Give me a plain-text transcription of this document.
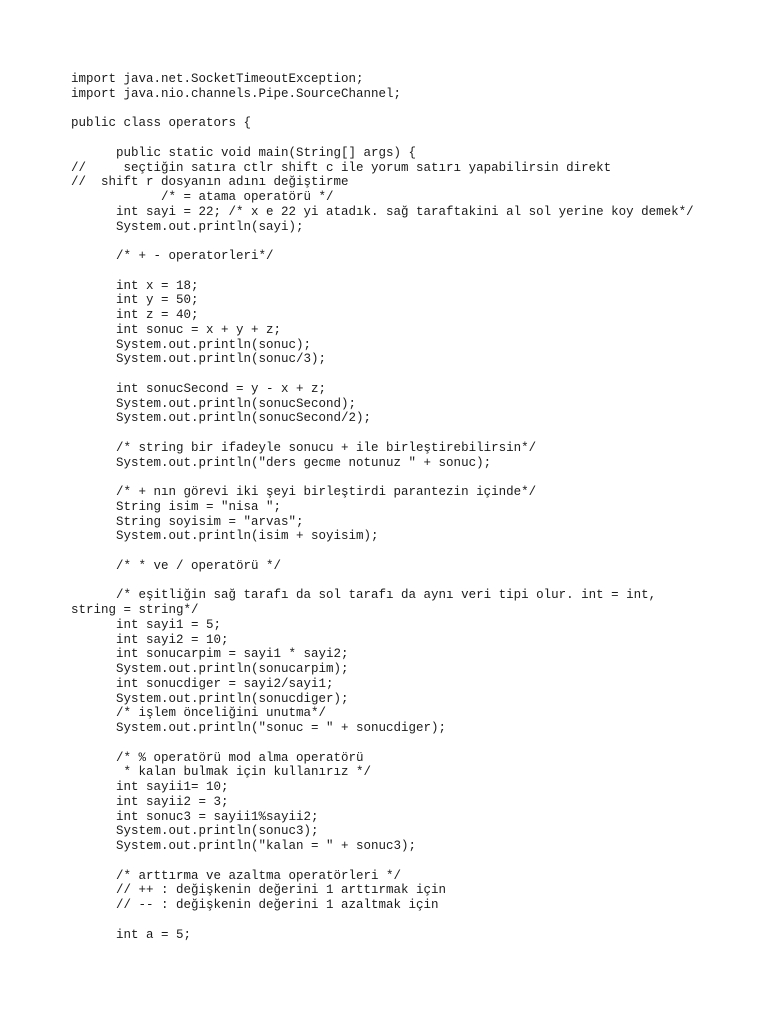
import java.net.SocketTimeoutException;
import java.nio.channels.Pipe.SourceChannel;
public class operators {
public static void main(String[] args) {
//     seçtiğin satıra ctlr shift c ile yorum satırı yapabilirsin direkt
//  shift r dosyanın adını değiştirme
/* = atama operatörü */
int sayi = 22; /* x e 22 yi atadık. sağ taraftakini al sol yerine koy demek*/
System.out.println(sayi);
/* + - operatorleri*/
int x = 18;
int y = 50;
int z = 40;
int sonuc = x + y + z;
System.out.println(sonuc);
System.out.println(sonuc/3);
int sonucSecond = y - x + z;
System.out.println(sonucSecond);
System.out.println(sonucSecond/2);
/* string bir ifadeyle sonucu + ile birleştirebilirsin*/
System.out.println("ders gecme notunuz " + sonuc);
/* + nın görevi iki şeyi birleştirdi parantezin içinde*/
String isim = "nisa ";
String soyisim = "arvas";
System.out.println(isim + soyisim);
/* * ve / operatörü */
/* eşitliğin sağ tarafı da sol tarafı da aynı veri tipi olur. int = int,
string = string*/
int sayi1 = 5;
int sayi2 = 10;
int sonucarpim = sayi1 * sayi2;
System.out.println(sonucarpim);
int sonucdiger = sayi2/sayi1;
System.out.println(sonucdiger);
/* işlem önceliğini unutma*/
System.out.println("sonuc = " + sonucdiger);
/* % operatörü mod alma operatörü
* kalan bulmak için kullanırız */
int sayii1= 10;
int sayii2 = 3;
int sonuc3 = sayii1%sayii2;
System.out.println(sonuc3);
System.out.println("kalan = " + sonuc3);
/* arttırma ve azaltma operatörleri */
// ++ : değişkenin değerini 1 arttırmak için
// -- : değişkenin değerini 1 azaltmak için
int a = 5;
